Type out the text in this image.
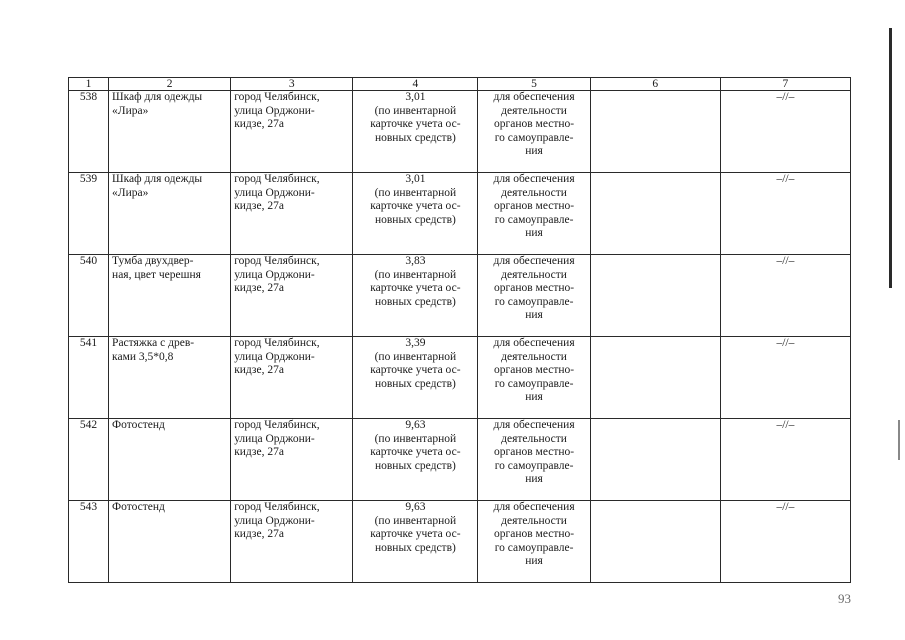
1	2	3	4	5	6	7

538	Шкаф для одежды
«Лира»	город Челябинск,
улица Орджони-
кидзе, 27а	3,01
(по инвентарной
карточке учета ос-
новных средств)	для обеспечения
деятельности
органов местно-
го самоуправле-
ния		–//–

539	Шкаф для одежды
«Лира»	город Челябинск,
улица Орджони-
кидзе, 27а	3,01
(по инвентарной
карточке учета ос-
новных средств)	для обеспечения
деятельности
органов местно-
го самоуправле-
ния		–//–

540	Тумба двухдвер-
ная, цвет черешня	город Челябинск,
улица Орджони-
кидзе, 27а	3,83
(по инвентарной
карточке учета ос-
новных средств)	для обеспечения
деятельности
органов местно-
го самоуправле-
ния		–//–

541	Растяжка с древ-
ками 3,5*0,8	город Челябинск,
улица Орджони-
кидзе, 27а	3,39
(по инвентарной
карточке учета ос-
новных средств)	для обеспечения
деятельности
органов местно-
го самоуправле-
ния		–//–

542	Фотостенд	город Челябинск,
улица Орджони-
кидзе, 27а	9,63
(по инвентарной
карточке учета ос-
новных средств)	для обеспечения
деятельности
органов местно-
го самоуправле-
ния		–//–

543	Фотостенд	город Челябинск,
улица Орджони-
кидзе, 27а	9,63
(по инвентарной
карточке учета ос-
новных средств)	для обеспечения
деятельности
органов местно-
го самоуправле-
ния		–//–
93
